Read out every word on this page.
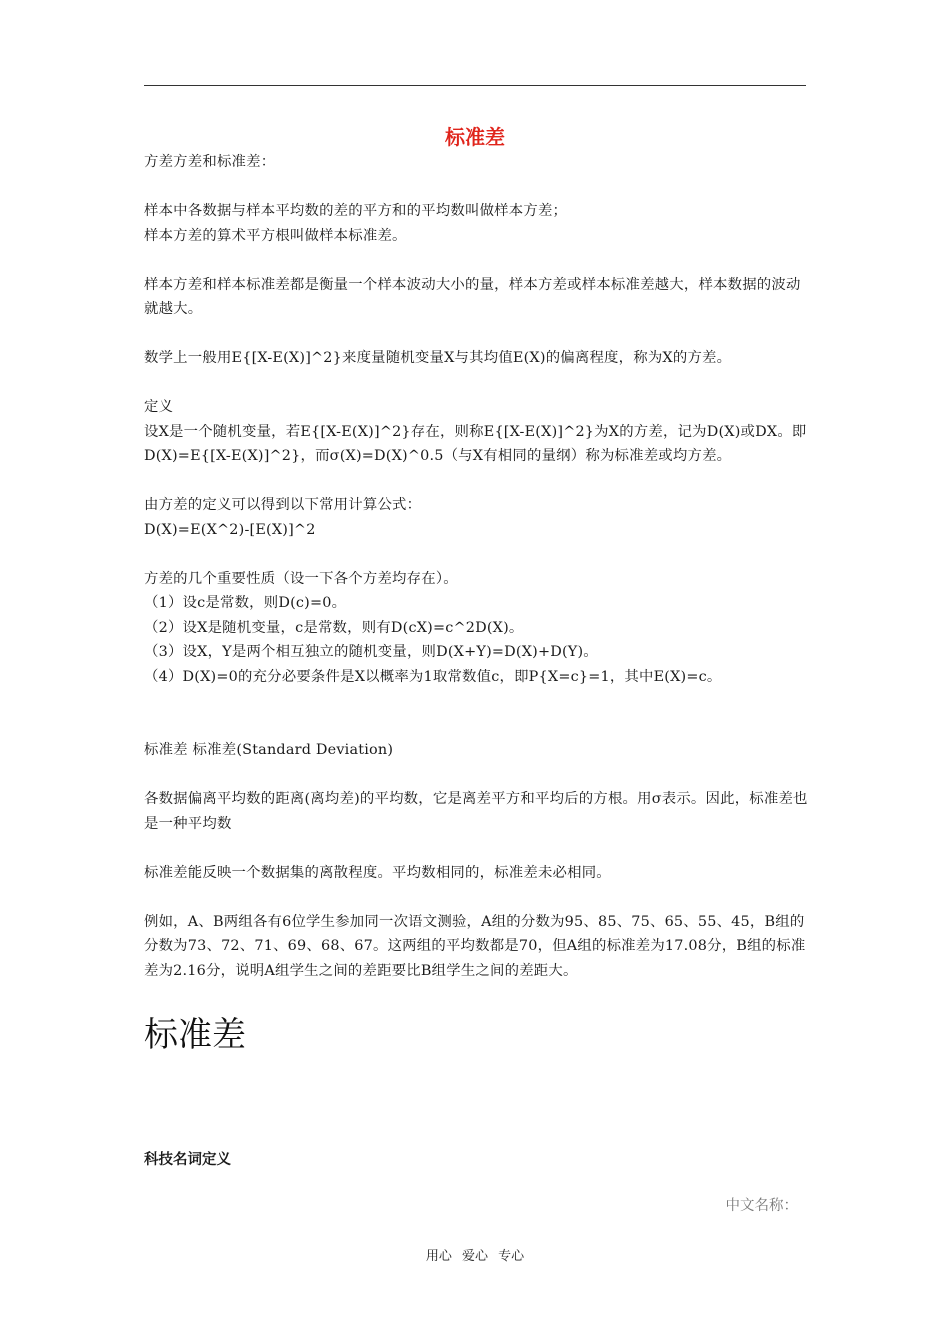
标准差

方差方差和标准差：

样本中各数据与样本平均数的差的平方和的平均数叫做样本方差；

样本方差的算术平方根叫做样本标准差。

样本方差和样本标准差都是衡量一个样本波动大小的量，样本方差或样本标准差越大，样本数据的波动就越大。

数学上一般用E{[X-E(X)]^2}来度量随机变量X与其均值E(X)的偏离程度，称为X的方差。

定义

设X是一个随机变量，若E{[X-E(X)]^2}存在，则称E{[X-E(X)]^2}为X的方差，记为D(X)或DX。即D(X)=E{[X-E(X)]^2}，而σ(X)=D(X)^0.5（与X有相同的量纲）称为标准差或均方差。

由方差的定义可以得到以下常用计算公式：

D(X)=E(X^2)-[E(X)]^2

方差的几个重要性质（设一下各个方差均存在）。

（1）设c是常数，则D(c)=0。

（2）设X是随机变量，c是常数，则有D(cX)=c^2D(X)。

（3）设X，Y是两个相互独立的随机变量，则D(X+Y)=D(X)+D(Y)。

（4）D(X)=0的充分必要条件是X以概率为1取常数值c，即P{X=c}=1，其中E(X)=c。

标准差 标准差(Standard Deviation)

各数据偏离平均数的距离(离均差)的平均数，它是离差平方和平均后的方根。用σ表示。因此，标准差也是一种平均数

标准差能反映一个数据集的离散程度。平均数相同的，标准差未必相同。

例如，A、B两组各有6位学生参加同一次语文测验，A组的分数为95、85、75、65、55、45，B组的分数为73、72、71、69、68、67。这两组的平均数都是70，但A组的标准差为17.08分，B组的标准差为2.16分，说明A组学生之间的差距要比B组学生之间的差距大。

标准差
科技名词定义
中文名称：
用心 爱心 专心
